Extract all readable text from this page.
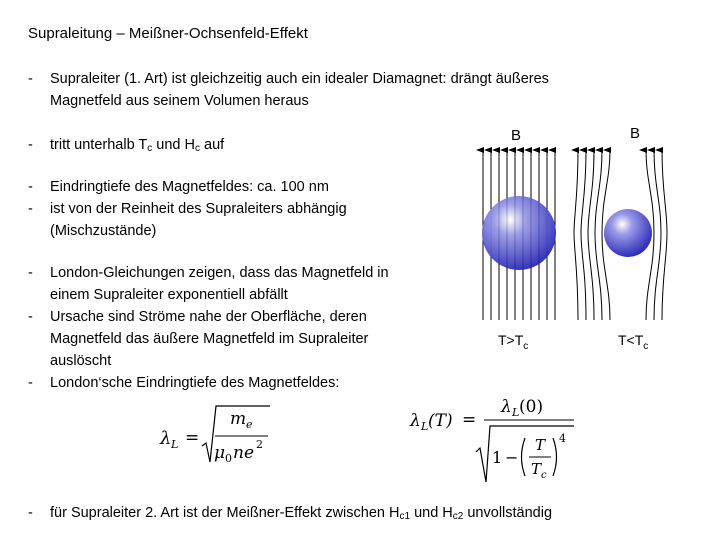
Supraleitung – Meißner-Ochsenfeld-Effekt
- Supraleiter (1. Art) ist gleichzeitig auch ein idealer Diamagnet: drängt äußeres
Magnetfeld aus seinem Volumen heraus
- tritt unterhalb $T_c$ und $H_c$ auf
- Eindringtiefe des Magnetfeldes: ca. 100 nm
- ist von der Reinheit des Supraleiters abhängig
(Mischzustände)
- London-Gleichungen zeigen, dass das Magnetfeld in
einem Supraleiter exponentiell abfällt
- Ursache sind Ströme nahe der Oberfläche, deren
Magnetfeld das äußere Magnetfeld im Supraleiter
auslöscht
- London‘sche Eindringtiefe des Magnetfeldes:
- für Supraleiter 2. Art ist der Meißner-Effekt zwischen $H_{c1}$ und $H_{c2}$ unvollständig
B
$T>T_c$
B
$T<T_c$
λ L =
m e
μ 0 ne 2
λ L (T) =
λ L (0)
1 −
T
T c
4
